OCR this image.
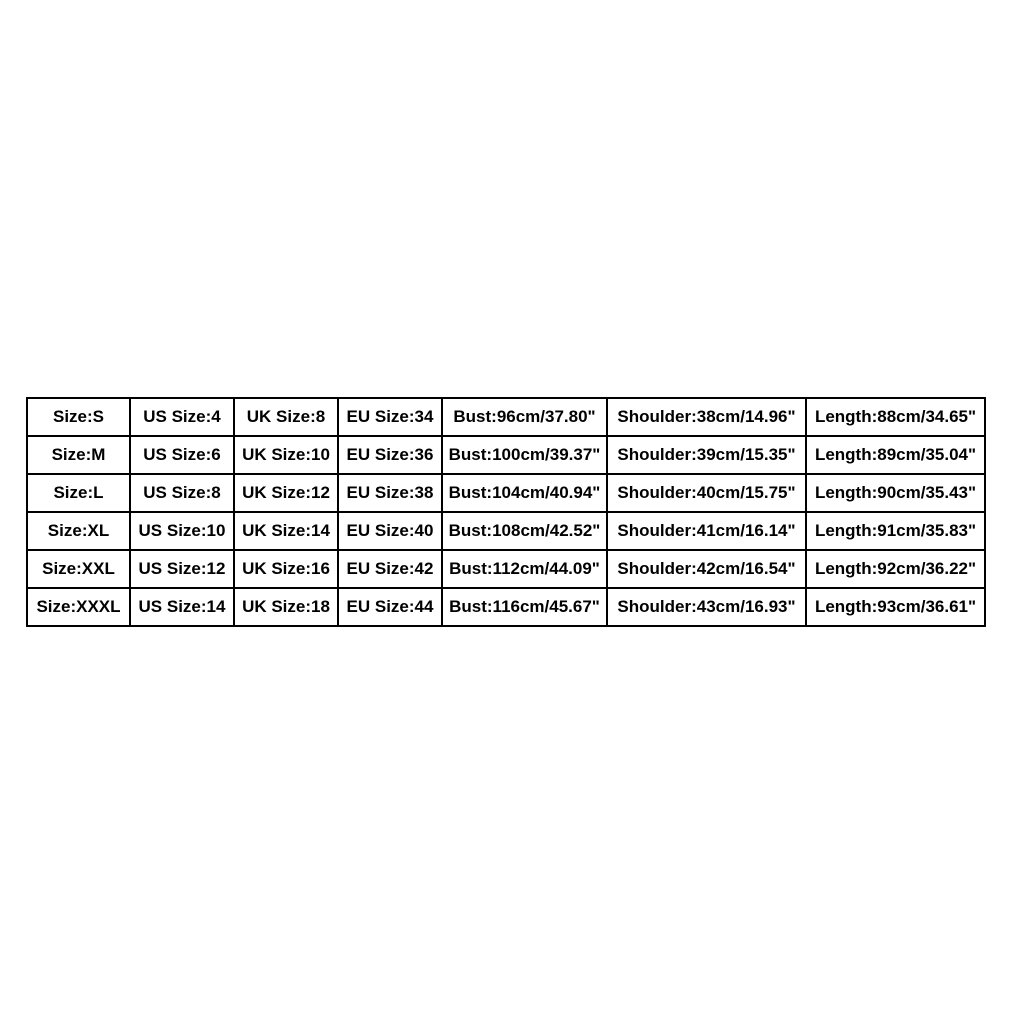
Size:S	US Size:4	UK Size:8	EU Size:34	Bust:96cm/37.80"	Shoulder:38cm/14.96"	Length:88cm/34.65"
Size:M	US Size:6	UK Size:10	EU Size:36	Bust:100cm/39.37"	Shoulder:39cm/15.35"	Length:89cm/35.04"
Size:L	US Size:8	UK Size:12	EU Size:38	Bust:104cm/40.94"	Shoulder:40cm/15.75"	Length:90cm/35.43"
Size:XL	US Size:10	UK Size:14	EU Size:40	Bust:108cm/42.52"	Shoulder:41cm/16.14"	Length:91cm/35.83"
Size:XXL	US Size:12	UK Size:16	EU Size:42	Bust:112cm/44.09"	Shoulder:42cm/16.54"	Length:92cm/36.22"
Size:XXXL	US Size:14	UK Size:18	EU Size:44	Bust:116cm/45.67"	Shoulder:43cm/16.93"	Length:93cm/36.61"
